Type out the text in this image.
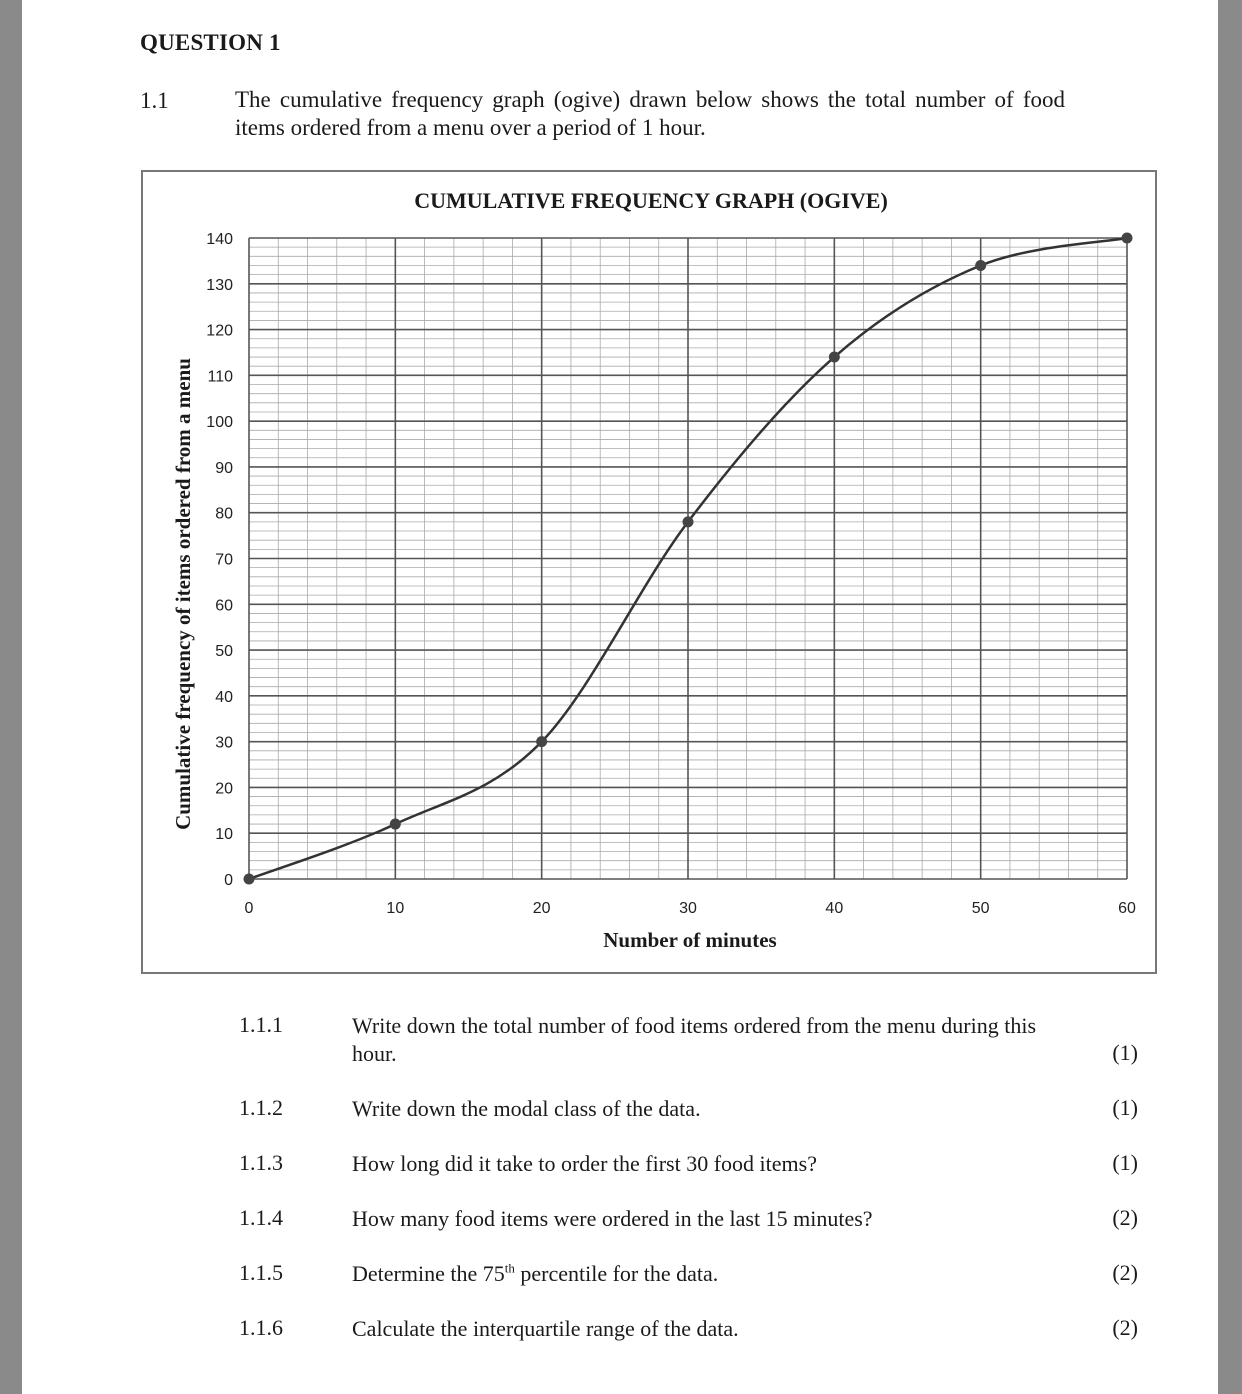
QUESTION 1
1.1	The cumulative frequency graph (ogive) drawn below shows the total number of food items ordered from a menu over a period of 1 hour.
CUMULATIVE FREQUENCY GRAPH (OGIVE)
0
10
20
30
40
50
60
70
80
90
100
110
120
130
140
0	10	20	30	40	50	60
Number of minutes
Cumulative frequency of items ordered from a menu
1.1.1	Write down the total number of food items ordered from the menu during this hour.	(1)
1.1.2	Write down the modal class of the data.	(1)
1.1.3	How long did it take to order the first 30 food items?	(1)
1.1.4	How many food items were ordered in the last 15 minutes?	(2)
1.1.5	Determine the 75th percentile for the data.	(2)
1.1.6	Calculate the interquartile range of the data.	(2)
